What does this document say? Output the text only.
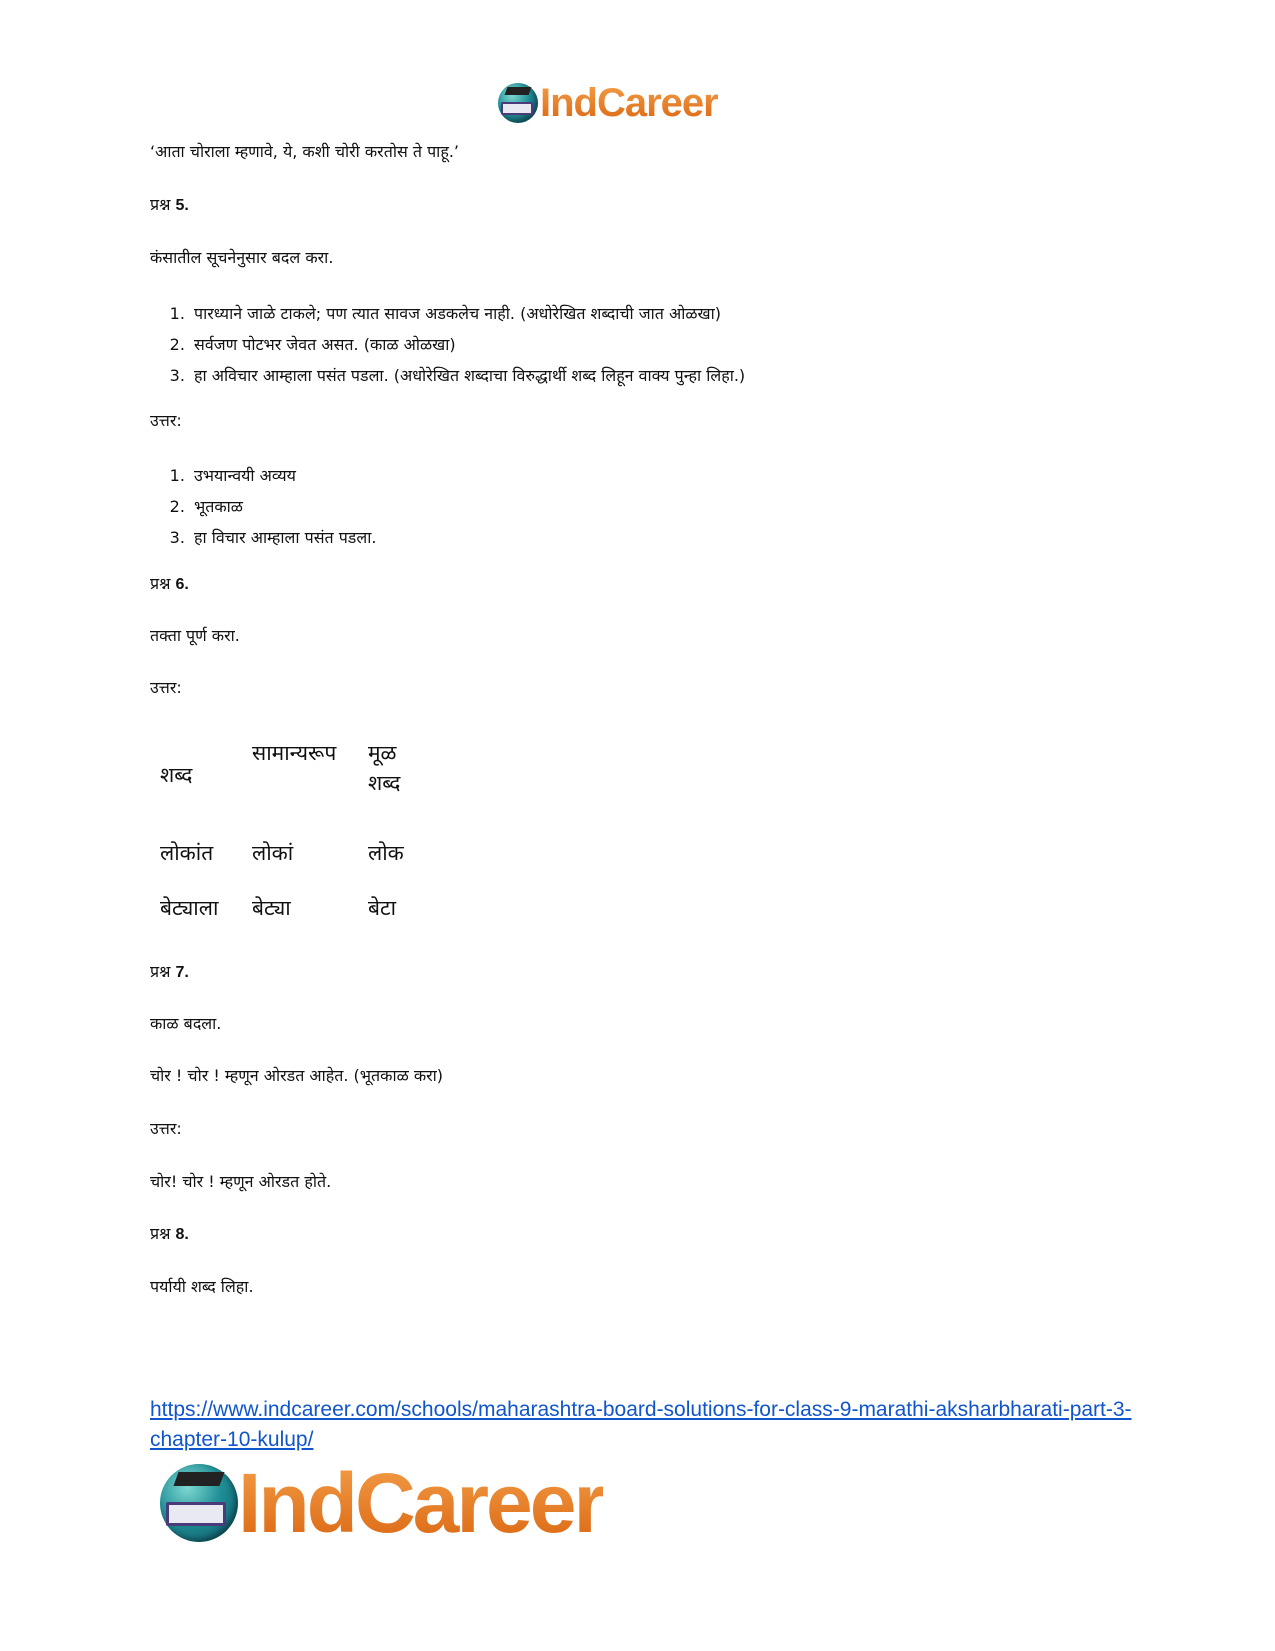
IndCareer

‘आता चोराला म्हणावे, ये, कशी चोरी करतोस ते पाहू.’

प्रश्न 5.

कंसातील सूचनेनुसार बदल करा.

1. पारध्याने जाळे टाकले; पण त्यात सावज अडकलेच नाही. (अधोरेखित शब्दाची जात ओळखा)
2. सर्वजण पोटभर जेवत असत. (काळ ओळखा)
3. हा अविचार आम्हाला पसंत पडला. (अधोरेखित शब्दाचा विरुद्धार्थी शब्द लिहून वाक्य पुन्हा लिहा.)

उत्तर:

1. उभयान्वयी अव्यय
2. भूतकाळ
3. हा विचार आम्हाला पसंत पडला.

प्रश्न 6.

तक्ता पूर्ण करा.

उत्तर:

शब्द	सामान्यरूप	मूळ शब्द

लोकांत	लोकां	लोक
बेट्याला	बेट्या	बेटा

प्रश्न 7.

काळ बदला.

चोर ! चोर ! म्हणून ओरडत आहेत. (भूतकाळ करा)

उत्तर:

चोर! चोर ! म्हणून ओरडत होते.

प्रश्न 8.

पर्यायी शब्द लिहा.

https://www.indcareer.com/schools/maharashtra-board-solutions-for-class-9-marathi-aksharbharati-part-3-chapter-10-kulup/
IndCareer
